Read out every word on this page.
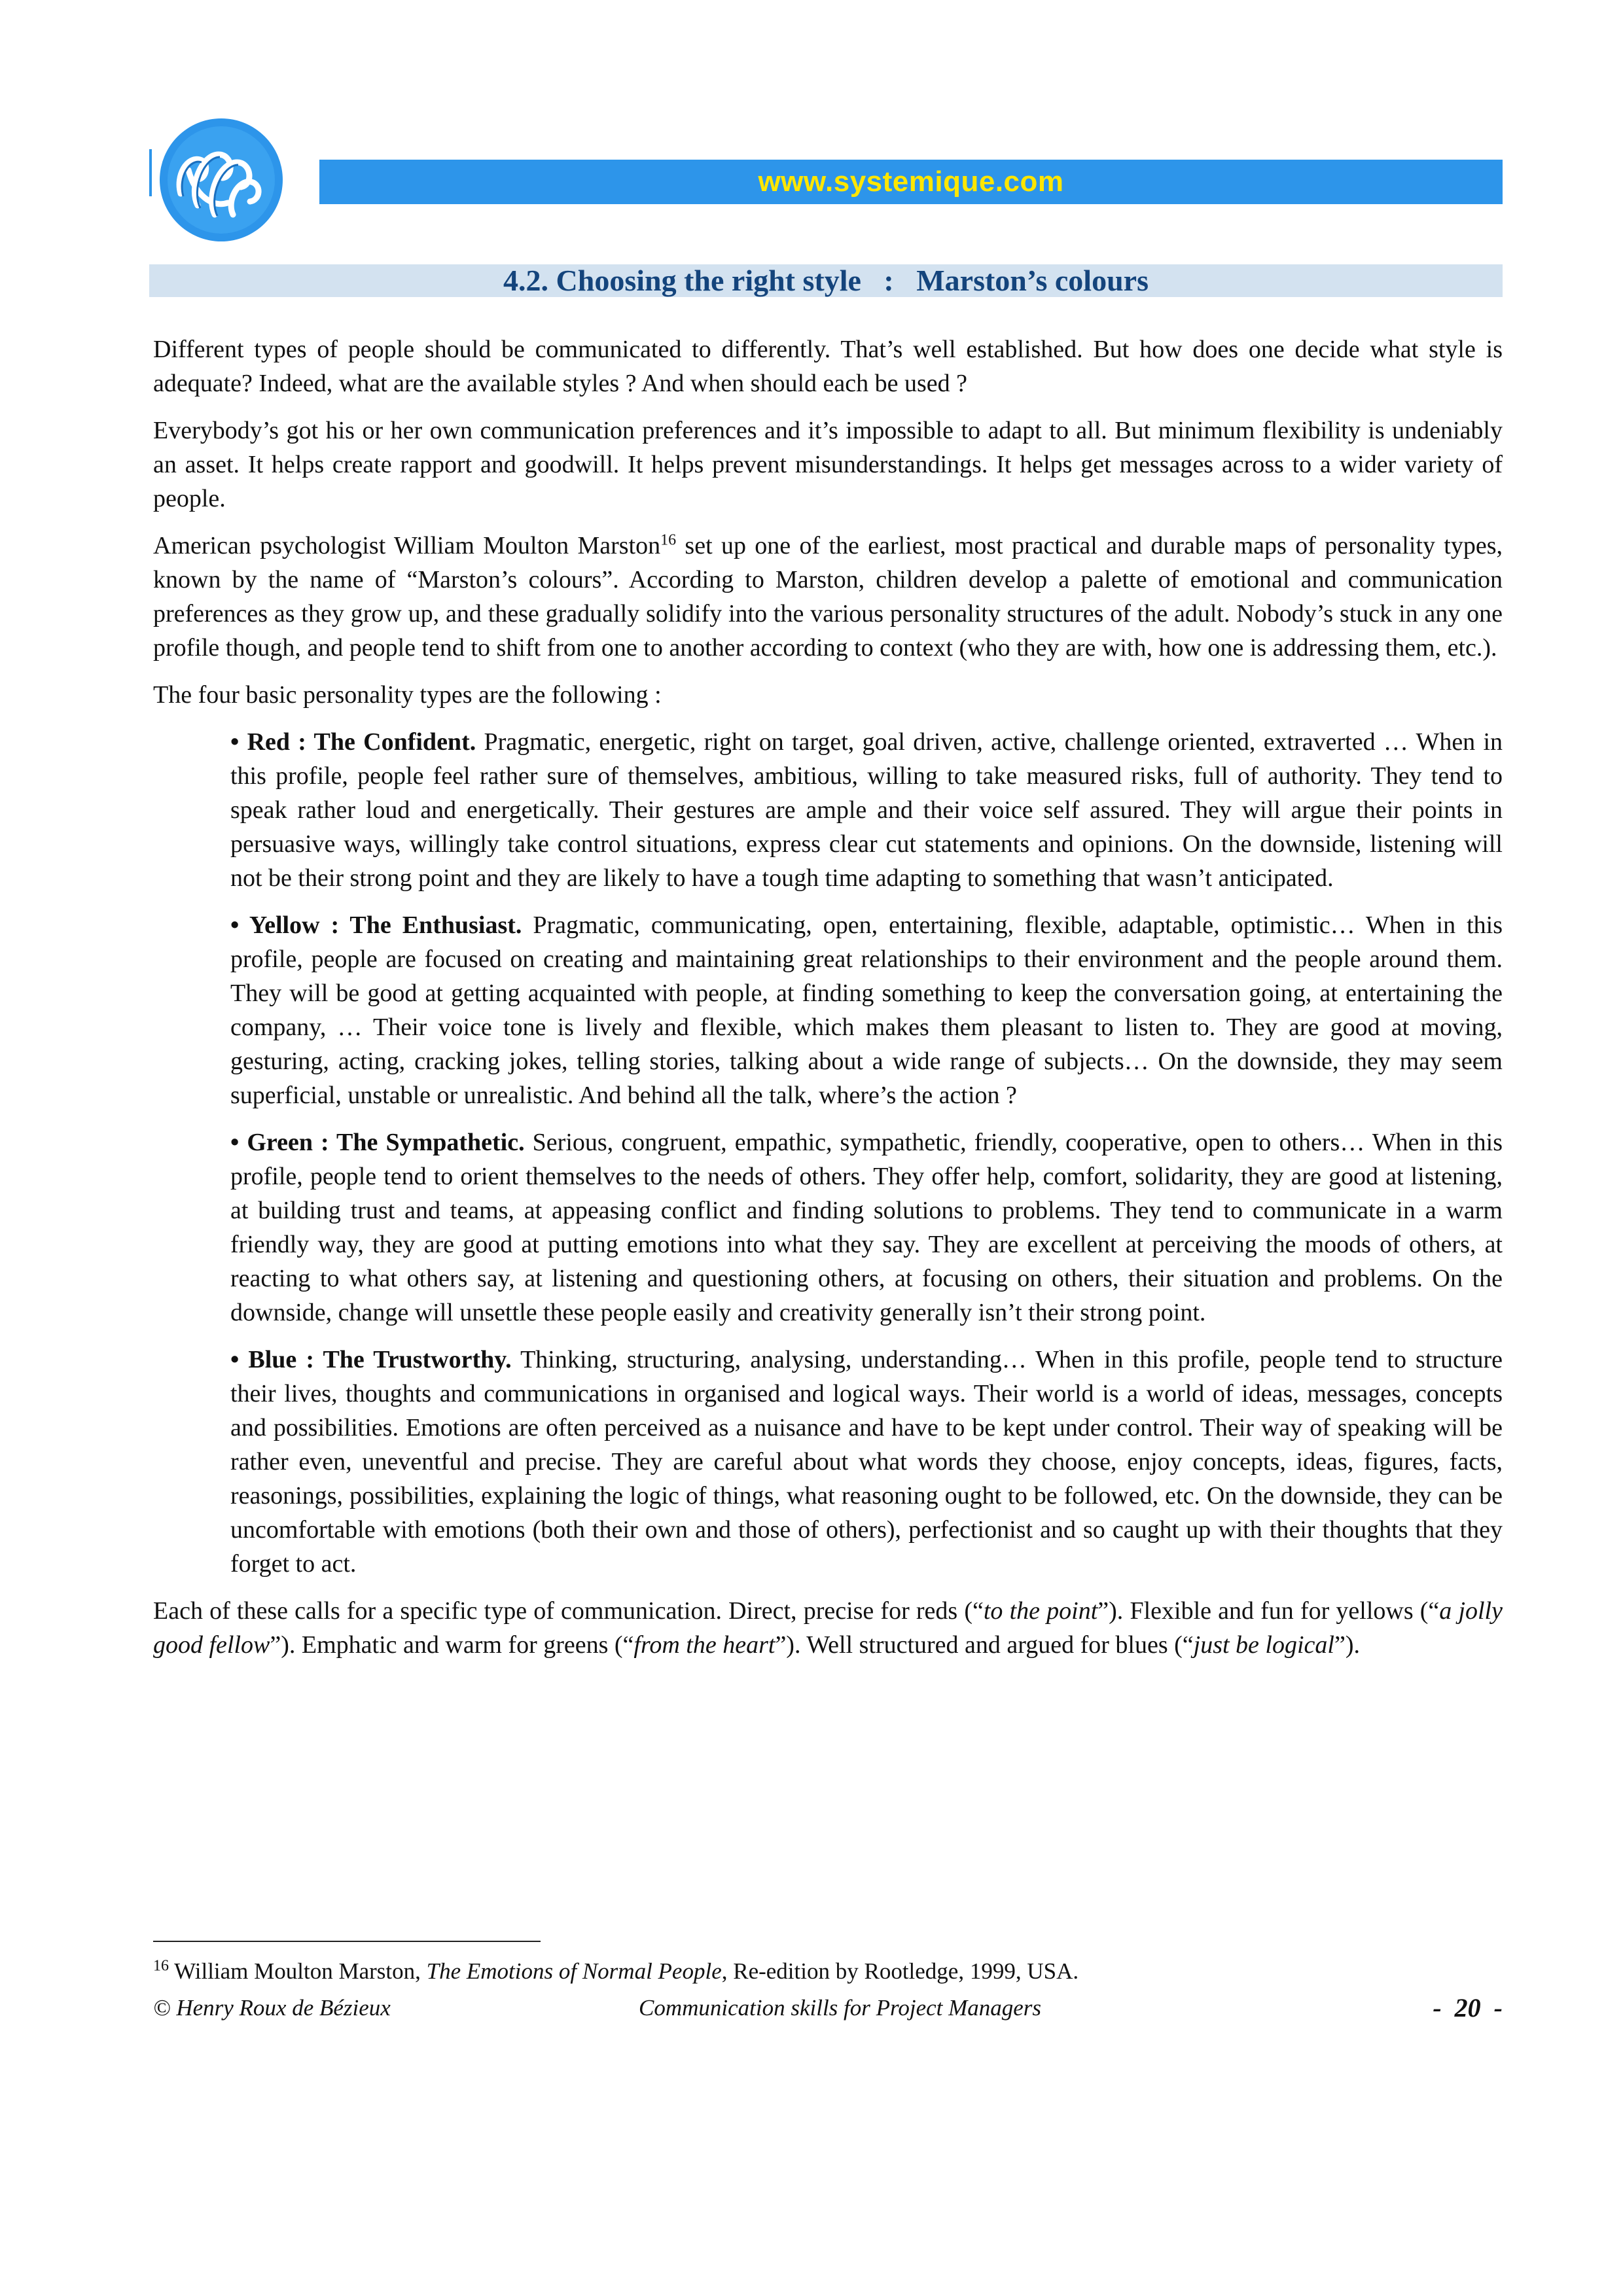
www.systemique.com
4.2. Choosing the right style   :   Marston’s colours

Different types of people should be communicated to differently. That’s well established. But how does one decide what style is adequate? Indeed, what are the available styles ? And when should each be used ?

Everybody’s got his or her own communication preferences and it’s impossible to adapt to all. But minimum flexibility is undeniably an asset. It helps create rapport and goodwill. It helps prevent misunderstandings. It helps get messages across to a wider variety of people.

American psychologist William Moulton Marston$^{16}$ set up one of the earliest, most practical and durable maps of personality types, known by the name of “Marston’s colours”. According to Marston, children develop a palette of emotional and communication preferences as they grow up, and these gradually solidify into the various personality structures of the adult. Nobody’s stuck in any one profile though, and people tend to shift from one to another according to context (who they are with, how one is addressing them, etc.).

The four basic personality types are the following :

• Red : The Confident. Pragmatic, energetic, right on target, goal driven, active, challenge oriented, extraverted … When in this profile, people feel rather sure of themselves, ambitious, willing to take measured risks, full of authority. They tend to speak rather loud and energetically. Their gestures are ample and their voice self assured. They will argue their points in persuasive ways, willingly take control situations, express clear cut statements and opinions. On the downside, listening will not be their strong point and they are likely to have a tough time adapting to something that wasn’t anticipated.

• Yellow : The Enthusiast. Pragmatic, communicating, open, entertaining, flexible, adaptable, optimistic… When in this profile, people are focused on creating and maintaining great relationships to their environment and the people around them. They will be good at getting acquainted with people, at finding something to keep the conversation going, at entertaining the company, … Their voice tone is lively and flexible, which makes them pleasant to listen to. They are good at moving, gesturing, acting, cracking jokes, telling stories, talking about a wide range of subjects… On the downside, they may seem superficial, unstable or unrealistic. And behind all the talk, where’s the action ?

• Green : The Sympathetic. Serious, congruent, empathic, sympathetic, friendly, cooperative, open to others… When in this profile, people tend to orient themselves to the needs of others. They offer help, comfort, solidarity, they are good at listening, at building trust and teams, at appeasing conflict and finding solutions to problems. They tend to communicate in a warm friendly way, they are good at putting emotions into what they say. They are excellent at perceiving the moods of others, at reacting to what others say, at listening and questioning others, at focusing on others, their situation and problems. On the downside, change will unsettle these people easily and creativity generally isn’t their strong point.

• Blue : The Trustworthy. Thinking, structuring, analysing, understanding… When in this profile, people tend to structure their lives, thoughts and communications in organised and logical ways. Their world is a world of ideas, messages, concepts and possibilities. Emotions are often perceived as a nuisance and have to be kept under control. Their way of speaking will be rather even, uneventful and precise. They are careful about what words they choose, enjoy concepts, ideas, figures, facts, reasonings, possibilities, explaining the logic of things, what reasoning ought to be followed, etc. On the downside, they can be uncomfortable with emotions (both their own and those of others), perfectionist and so caught up with their thoughts that they forget to act.

Each of these calls for a specific type of communication. Direct, precise for reds (“to the point”). Flexible and fun for yellows (“a jolly good fellow”). Emphatic and warm for greens (“from the heart”). Well structured and argued for blues (“just be logical”).

$^{16}$ William Moulton Marston, The Emotions of Normal People, Re-edition by Rootledge, 1999, USA.
© Henry Roux de Bézieux	Communication skills for Project Managers	-  20  -
